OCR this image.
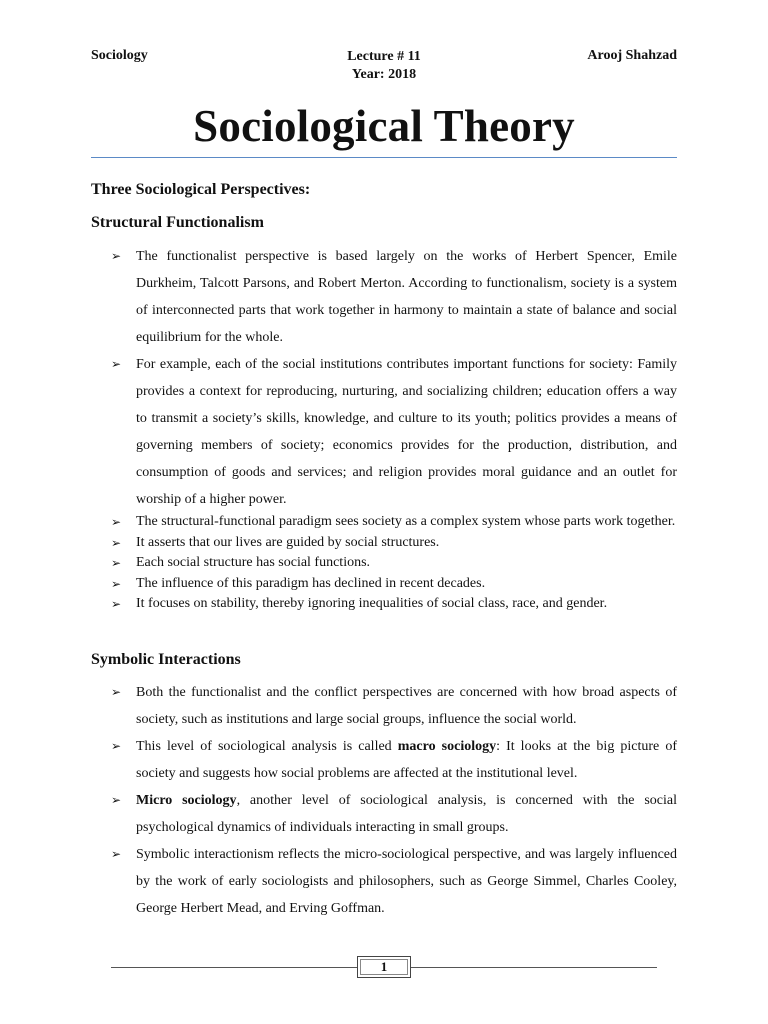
Sociology	Lecture # 11
Year: 2018
Arooj Shahzad
Sociological Theory
Three Sociological Perspectives:
Structural Functionalism
➢ The functionalist perspective is based largely on the works of Herbert Spencer, Emile Durkheim, Talcott Parsons, and Robert Merton. According to functionalism, society is a system of interconnected parts that work together in harmony to maintain a state of balance and social equilibrium for the whole.
➢ For example, each of the social institutions contributes important functions for society: Family provides a context for reproducing, nurturing, and socializing children; education offers a way to transmit a society’s skills, knowledge, and culture to its youth; politics provides a means of governing members of society; economics provides for the production, distribution, and consumption of goods and services; and religion provides moral guidance and an outlet for worship of a higher power.
➢ The structural-functional paradigm sees society as a complex system whose parts work together.
➢ It asserts that our lives are guided by social structures.
➢ Each social structure has social functions.
➢ The influence of this paradigm has declined in recent decades.
➢ It focuses on stability, thereby ignoring inequalities of social class, race, and gender.
Symbolic Interactions
➢ Both the functionalist and the conflict perspectives are concerned with how broad aspects of society, such as institutions and large social groups, influence the social world.
➢ This level of sociological analysis is called macro sociology: It looks at the big picture of society and suggests how social problems are affected at the institutional level.
➢ Micro sociology, another level of sociological analysis, is concerned with the social psychological dynamics of individuals interacting in small groups.
➢ Symbolic interactionism reflects the micro-sociological perspective, and was largely influenced by the work of early sociologists and philosophers, such as George Simmel, Charles Cooley, George Herbert Mead, and Erving Goffman.
1
